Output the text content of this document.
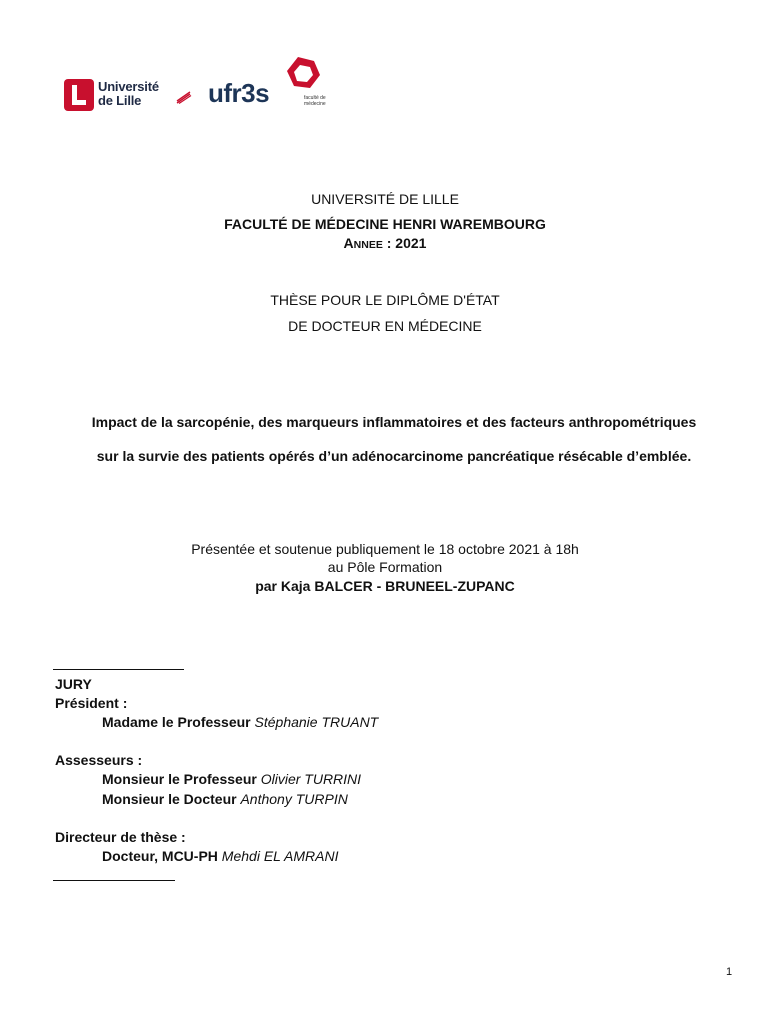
Université
de Lille	ufr3s	faculté de médecine
UNIVERSITÉ DE LILLE
FACULTÉ DE MÉDECINE HENRI WAREMBOURG
ANNEE : 2021
THÈSE POUR LE DIPLÔME D'ÉTAT
DE DOCTEUR EN MÉDECINE
Impact de la sarcopénie, des marqueurs inflammatoires et des facteurs anthropométriques
sur la survie des patients opérés d’un adénocarcinome pancréatique résécable d’emblée.
Présentée et soutenue publiquement le 18 octobre 2021 à 18h
au Pôle Formation
par Kaja BALCER - BRUNEEL-ZUPANC
JURY
Président :
Madame le Professeur Stéphanie TRUANT
Assesseurs :
Monsieur le Professeur Olivier TURRINI
Monsieur le Docteur Anthony TURPIN
Directeur de thèse :
Docteur, MCU-PH Mehdi EL AMRANI
1
